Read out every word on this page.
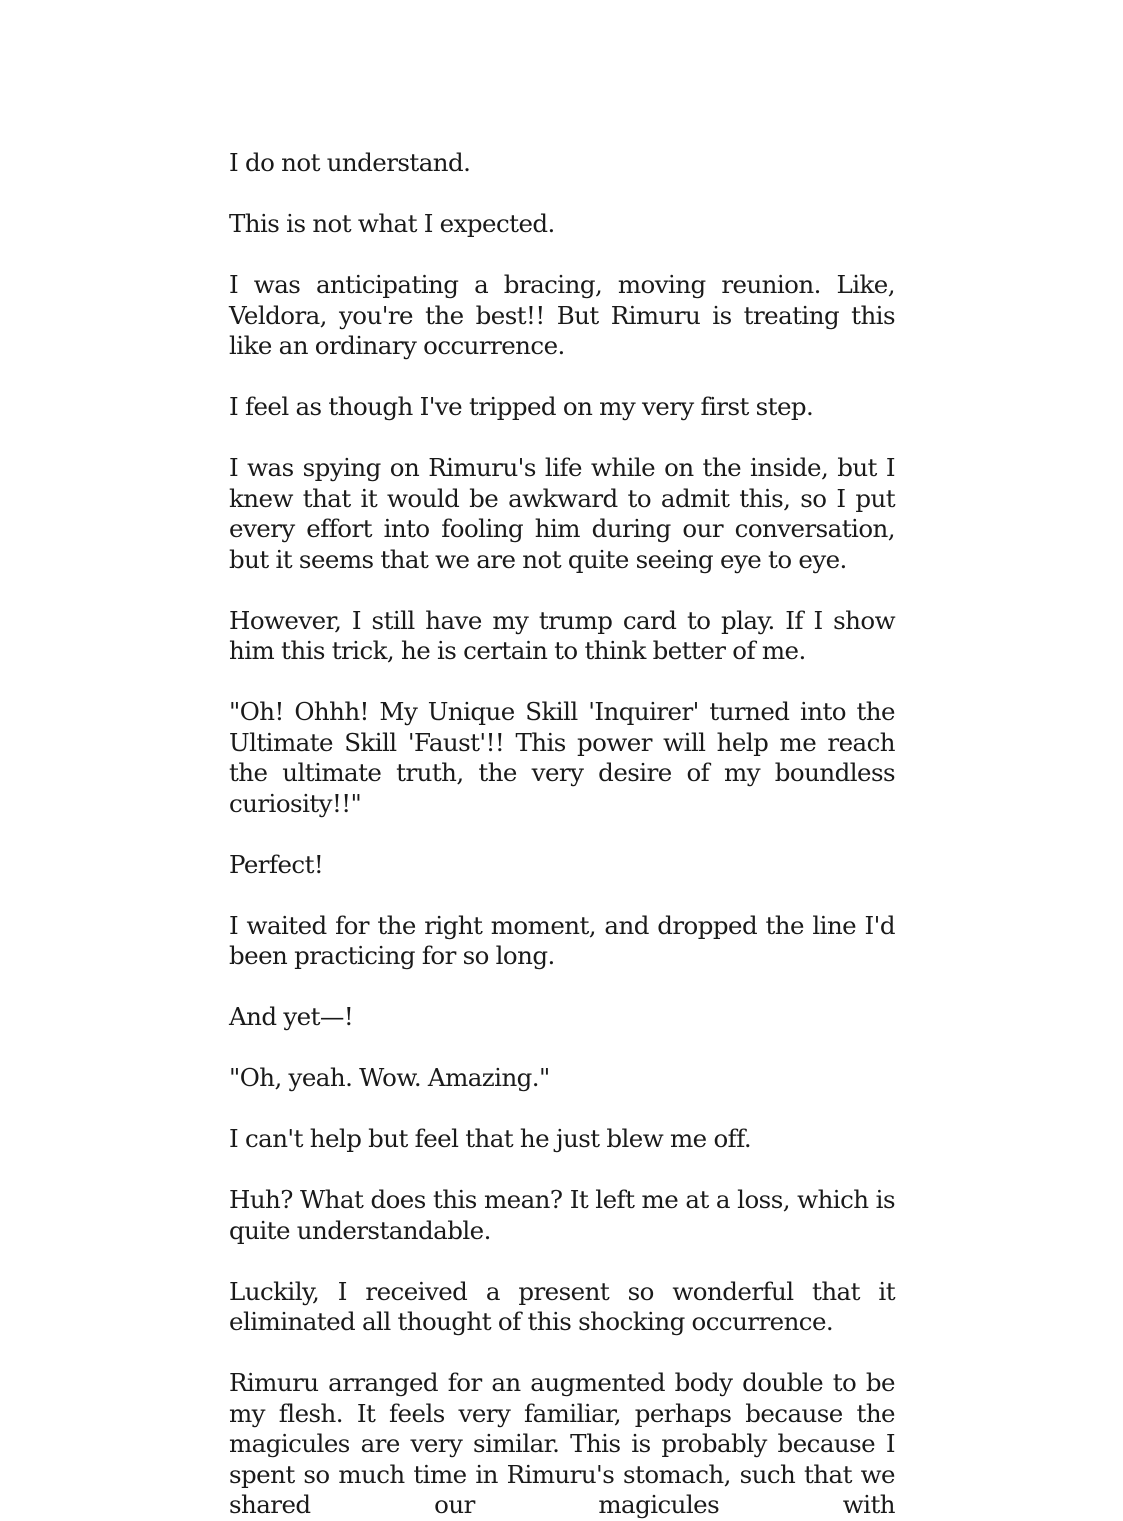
I do not understand.

This is not what I expected.

I was anticipating a bracing, moving reunion. Like, Veldora, you're the best!! But Rimuru is treating this like an ordinary occurrence.

I feel as though I've tripped on my very first step.

I was spying on Rimuru's life while on the inside, but I knew that it would be awkward to admit this, so I put every effort into fooling him during our conversation, but it seems that we are not quite seeing eye to eye.

However, I still have my trump card to play. If I show him this trick, he is certain to think better of me.

"Oh! Ohhh! My Unique Skill 'Inquirer' turned into the Ultimate Skill 'Faust'!! This power will help me reach the ultimate truth, the very desire of my boundless curiosity!!"

Perfect!

I waited for the right moment, and dropped the line I'd been practicing for so long.

And yet—!

"Oh, yeah. Wow. Amazing."

I can't help but feel that he just blew me off.

Huh? What does this mean? It left me at a loss, which is quite understandable.

Luckily, I received a present so wonderful that it eliminated all thought of this shocking occurrence.

Rimuru arranged for an augmented body double to be my flesh. It feels very familiar, perhaps because the magicules are very similar. This is probably because I spent so much time in Rimuru's stomach, such that we shared our magicules with
